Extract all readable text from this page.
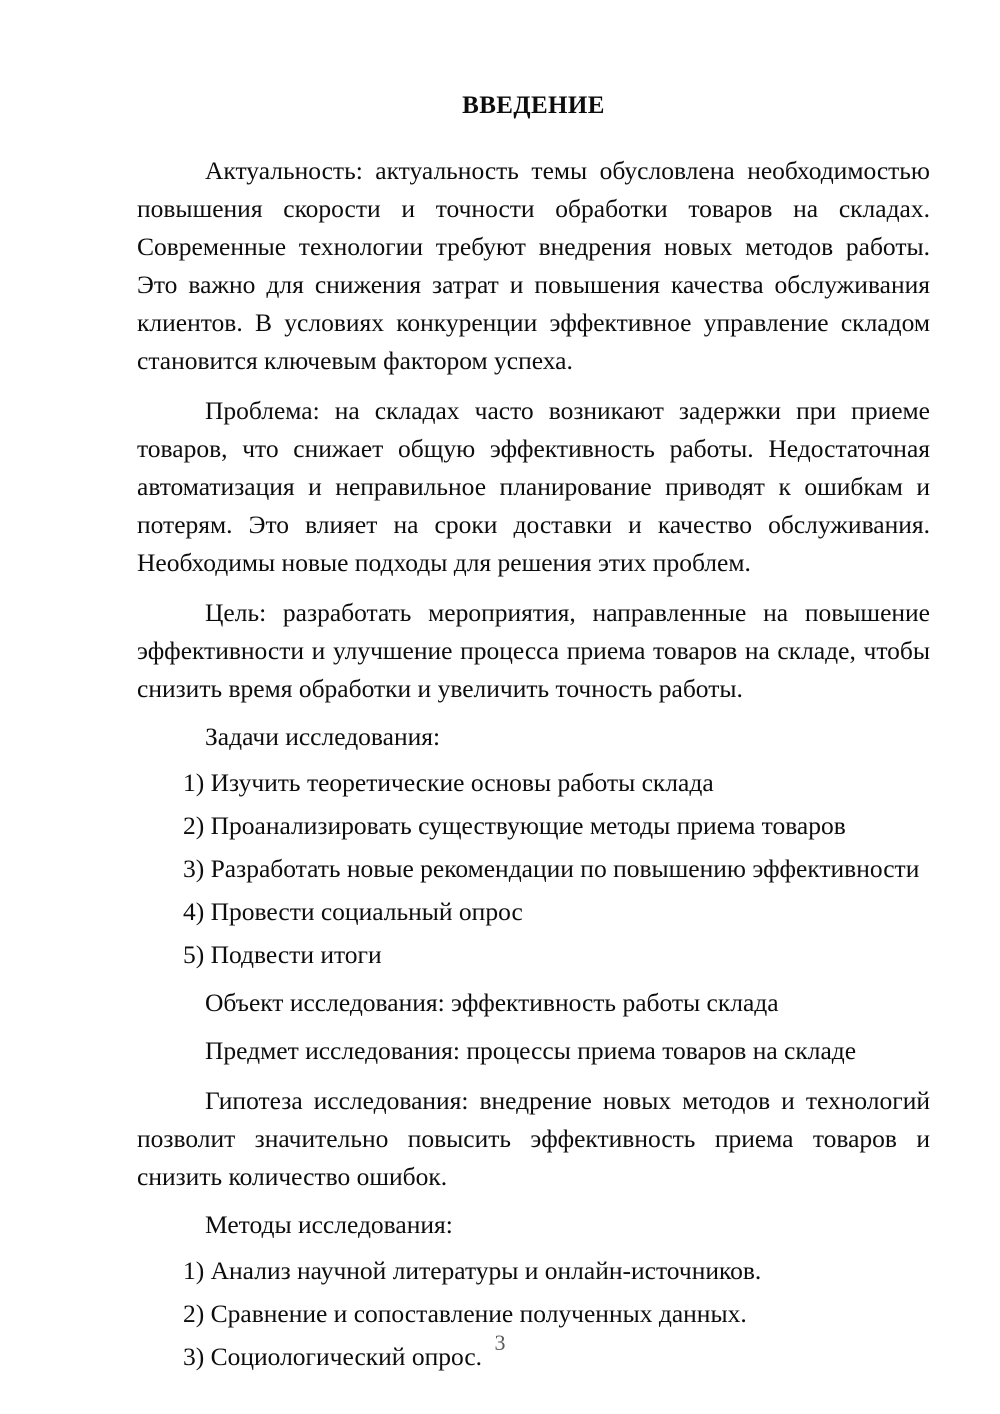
ВВЕДЕНИЕ

Актуальность: актуальность темы обусловлена необходимостью повышения скорости и точности обработки товаров на складах. Современные технологии требуют внедрения новых методов работы. Это важно для снижения затрат и повышения качества обслуживания клиентов. В условиях конкуренции эффективное управление складом становится ключевым фактором успеха.

Проблема: на складах часто возникают задержки при приеме товаров, что снижает общую эффективность работы. Недостаточная автоматизация и неправильное планирование приводят к ошибкам и потерям. Это влияет на сроки доставки и качество обслуживания. Необходимы новые подходы для решения этих проблем.

Цель: разработать мероприятия, направленные на повышение эффективности и улучшение процесса приема товаров на складе, чтобы снизить время обработки и увеличить точность работы.

Задачи исследования:

1) Изучить теоретические основы работы склада
2) Проанализировать существующие методы приема товаров
3) Разработать новые рекомендации по повышению эффективности
4) Провести социальный опрос
5) Подвести итоги

Объект исследования: эффективность работы склада

Предмет исследования: процессы приема товаров на складе

Гипотеза исследования: внедрение новых методов и технологий позволит значительно повысить эффективность приема товаров и снизить количество ошибок.

Методы исследования:

1) Анализ научной литературы и онлайн-источников.
2) Сравнение и сопоставление полученных данных.
3) Социологический опрос. 3
